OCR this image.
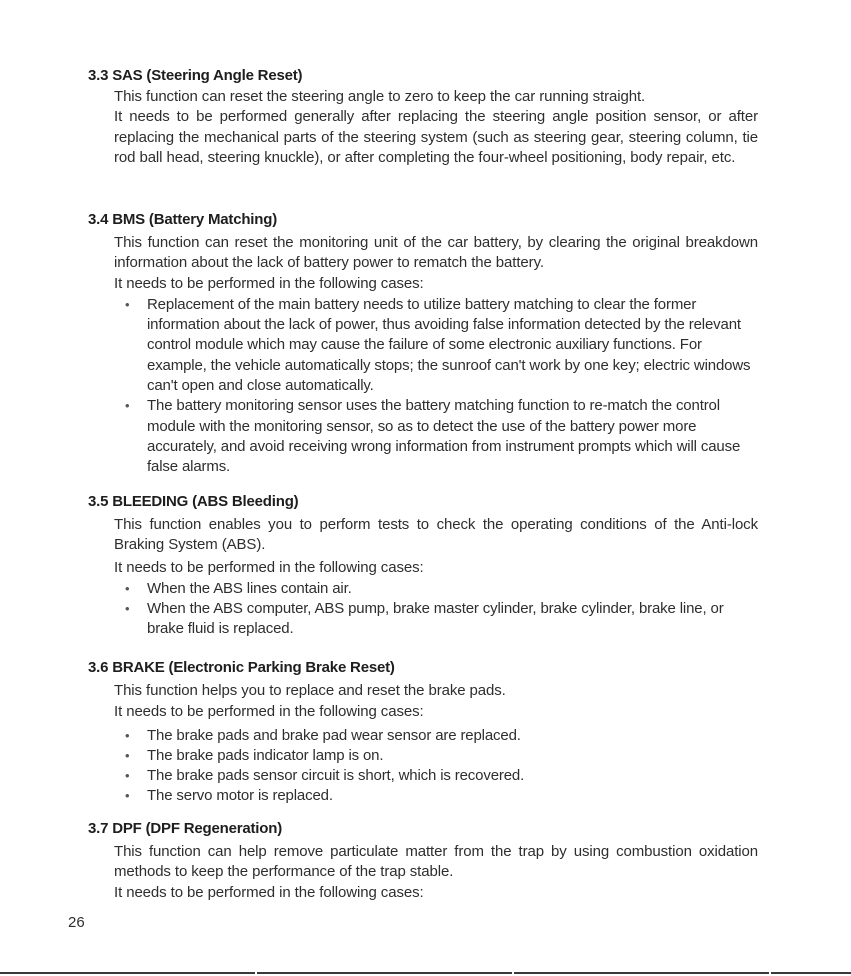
3.3 SAS (Steering Angle Reset)
This function can reset the steering angle to zero to keep the car running straight.
It needs to be performed generally after replacing the steering angle position sensor, or after replacing the mechanical parts of the steering system (such as steering gear, steering column, tie rod ball head, steering knuckle), or after completing the four-wheel positioning, body repair, etc.
3.4 BMS (Battery Matching)
This function can reset the monitoring unit of the car battery, by clearing the original breakdown information about the lack of battery power to rematch the battery.
It needs to be performed in the following cases:
• Replacement of the main battery needs to utilize battery matching to clear the former information about the lack of power, thus avoiding false information detected by the relevant control module which may cause the failure of some electronic auxiliary functions. For example, the vehicle automatically stops; the sunroof can't work by one key; electric windows can't open and close automatically.
• The battery monitoring sensor uses the battery matching function to re-match the control module with the monitoring sensor, so as to detect the use of the battery power more accurately, and avoid receiving wrong information from instrument prompts which will cause false alarms.
3.5 BLEEDING (ABS Bleeding)
This function enables you to perform tests to check the operating conditions of the Anti-lock Braking System (ABS).
It needs to be performed in the following cases:
• When the ABS lines contain air.
• When the ABS computer, ABS pump, brake master cylinder, brake cylinder, brake line, or brake fluid is replaced.
3.6 BRAKE (Electronic Parking Brake Reset)
This function helps you to replace and reset the brake pads.
It needs to be performed in the following cases:
• The brake pads and brake pad wear sensor are replaced.
• The brake pads indicator lamp is on.
• The brake pads sensor circuit is short, which is recovered.
• The servo motor is replaced.
3.7 DPF (DPF Regeneration)
This function can help remove particulate matter from the trap by using combustion oxidation methods to keep the performance of the trap stable.
It needs to be performed in the following cases:
26
